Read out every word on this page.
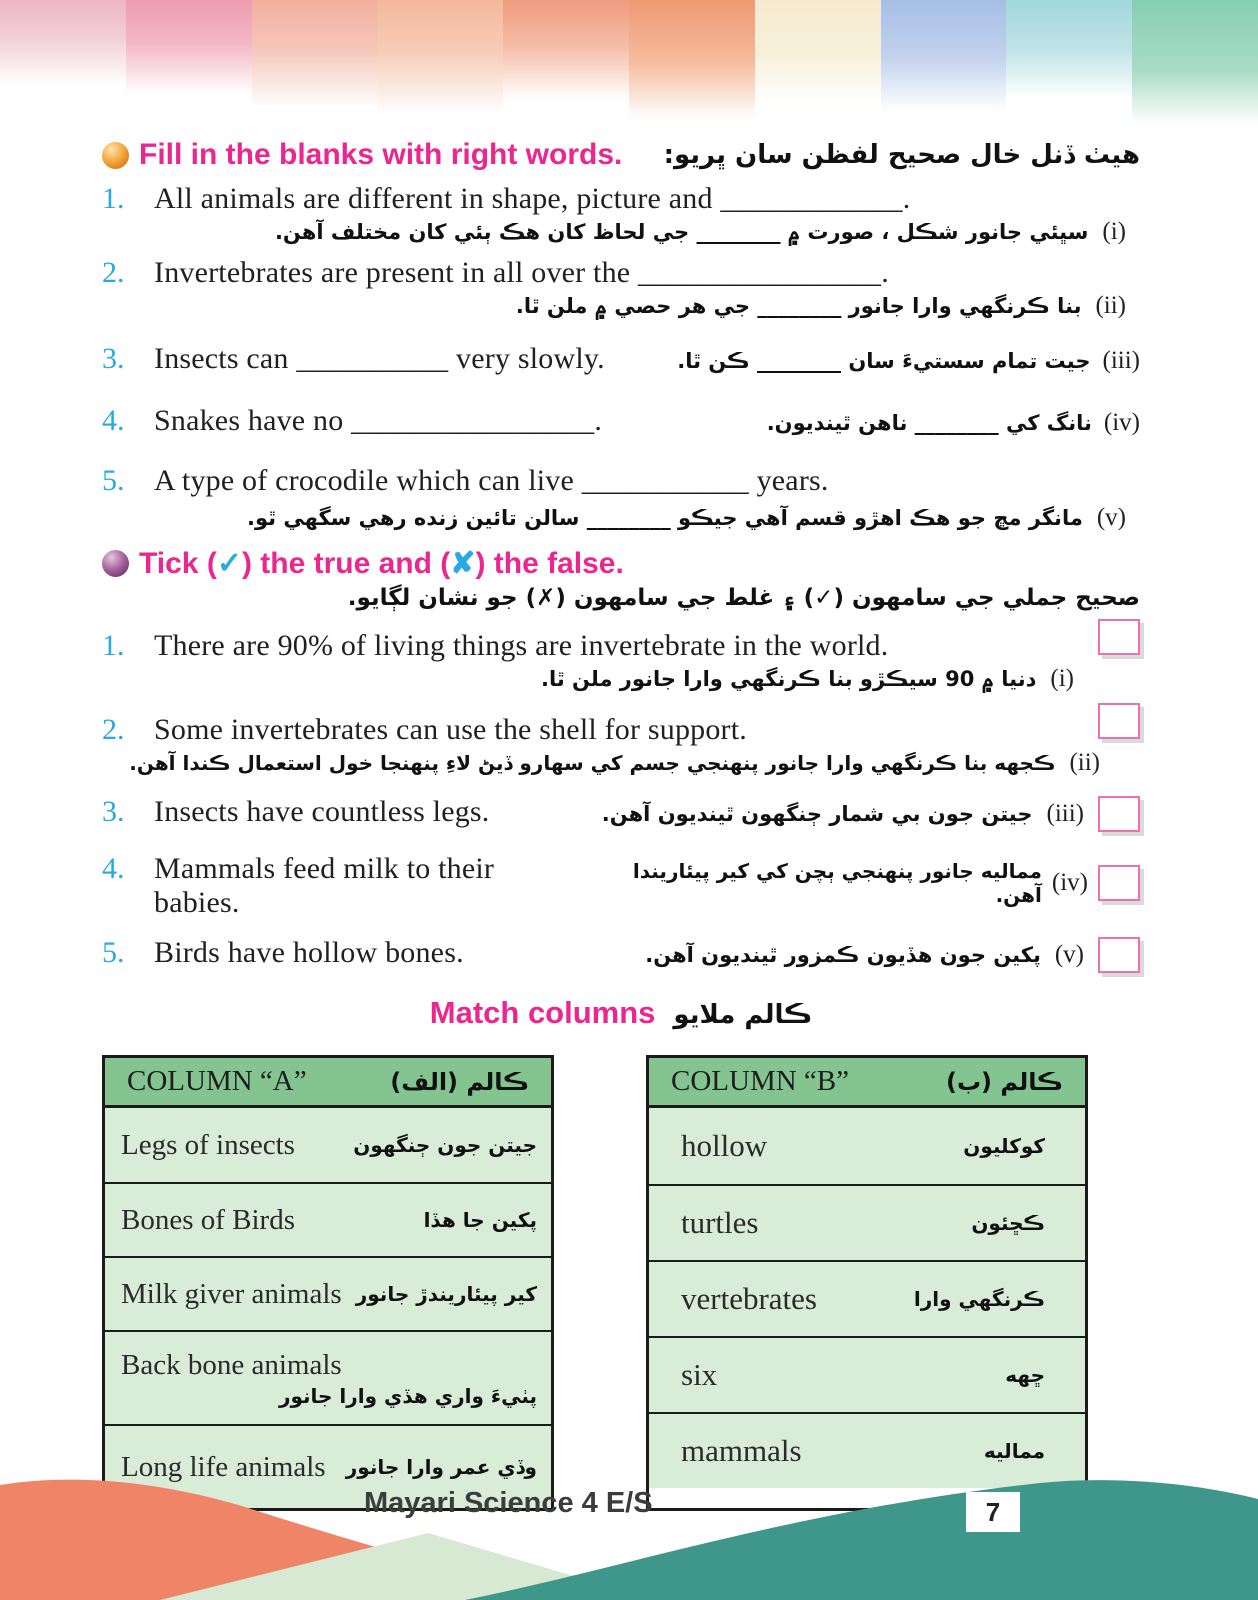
Fill in the blanks with right words. هيٺ ڏنل خال صحيح لفظن سان ڀريو:
1. All animals are different in shape, picture and ____________.
(i)
سڀئي جانور شڪل ، صورت ۾ ________ جي لحاظ کان هڪ ٻئي کان مختلف آهن.
2. Invertebrates are present in all over the ________________.
(ii)
بنا ڪرنگهي وارا جانور ________ جي هر حصي ۾ ملن ٿا.
3. Insects can __________ very slowly.	جيت تمام سستيءَ سان ________ ڪن ٿا. (iii)
4. Snakes have no ________________.	نانگ کي ________ ناهن ٿينديون. (iv)
5. A type of crocodile which can live ___________ years.
(v)
مانگر مڇ جو هڪ اهڙو قسم آهي جيڪو ________ سالن تائين زنده رهي سگهي ٿو.
Tick (✓) the true and (✘) the false.
صحيح جملي جي سامهون (✓) ۽ غلط جي سامهون (✗) جو نشان لڳايو.
1. There are 90% of living things are invertebrate in the world.
(i)
دنيا ۾ 90 سيڪڙو بنا ڪرنگهي وارا جانور ملن ٿا.
2. Some invertebrates can use the shell for support.
(ii)
ڪجهه بنا ڪرنگهي وارا جانور پنهنجي جسم کي سهارو ڏيڻ لاءِ پنهنجا خول استعمال ڪندا آهن.
3. Insects have countless legs.	جيتن جون بي شمار ڄنگهون ٿينديون آهن. (iii)
4. Mammals feed milk to their babies.
مماليه جانور پنهنجي ٻچن کي کير پيئاريندا آهن. (iv)
5. Birds have hollow bones.	پکين جون هڏيون ڪمزور ٿينديون آهن. (v)
Match columns ڪالم ملايو
COLUMN “A”	ڪالم (الف)
Legs of insects	جيتن جون ڄنگهون
Bones of Birds	پکين جا هڏا
Milk giver animals کير پيئاريندڙ جانور
Back bone animals
پٺيءَ واري هڏي وارا جانور
Long life animals وڏي عمر وارا جانور
COLUMN “B”	ڪالم (ب)
hollow	کوکليون
turtles	ڪڇئون
vertebrates	ڪرنگهي وارا
six	ڇهه
mammals	مماليه
Mayari Science 4 E/S	7
